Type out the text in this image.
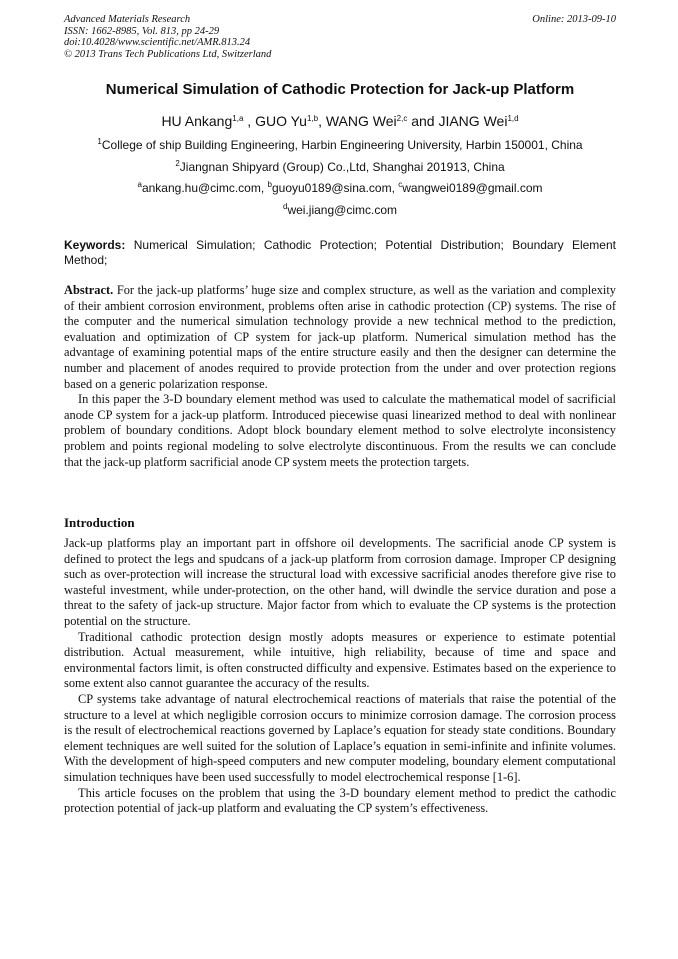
Advanced Materials Research
ISSN: 1662-8985, Vol. 813, pp 24-29
doi:10.4028/www.scientific.net/AMR.813.24
© 2013 Trans Tech Publications Ltd, Switzerland
Online: 2013-09-10
Numerical Simulation of Cathodic Protection for Jack-up Platform
HU Ankang$^{1,a}$ , GUO Yu$^{1,b}$, WANG Wei$^{2,c}$ and JIANG Wei$^{1,d}$
$^1$College of ship Building Engineering, Harbin Engineering University, Harbin 150001, China
$^2$Jiangnan Shipyard (Group) Co.,Ltd, Shanghai 201913, China
$^a$ankang.hu@cimc.com, $^b$guoyu0189@sina.com, $^c$wangwei0189@gmail.com
$^d$wei.jiang@cimc.com
Keywords: Numerical Simulation; Cathodic Protection; Potential Distribution; Boundary Element Method;

Abstract. For the jack-up platforms’ huge size and complex structure, as well as the variation and complexity of their ambient corrosion environment, problems often arise in cathodic protection (CP) systems. The rise of the computer and the numerical simulation technology provide a new technical method to the prediction, evaluation and optimization of CP system for jack-up platform. Numerical simulation method has the advantage of examining potential maps of the entire structure easily and then the designer can determine the number and placement of anodes required to provide protection from the under and over protection regions based on a generic polarization response.

In this paper the 3-D boundary element method was used to calculate the mathematical model of sacrificial anode CP system for a jack-up platform. Introduced piecewise quasi linearized method to deal with nonlinear problem of boundary conditions. Adopt block boundary element method to solve electrolyte inconsistency problem and points regional modeling to solve electrolyte discontinuous. From the results we can conclude that the jack-up platform sacrificial anode CP system meets the protection targets.

Introduction

Jack-up platforms play an important part in offshore oil developments. The sacrificial anode CP system is defined to protect the legs and spudcans of a jack-up platform from corrosion damage. Improper CP designing such as over-protection will increase the structural load with excessive sacrificial anodes therefore give rise to wasteful investment, while under-protection, on the other hand, will dwindle the service duration and pose a threat to the safety of jack-up structure. Major factor from which to evaluate the CP systems is the protection potential on the structure.

Traditional cathodic protection design mostly adopts measures or experience to estimate potential distribution. Actual measurement, while intuitive, high reliability, because of time and space and environmental factors limit, is often constructed difficulty and expensive. Estimates based on the experience to some extent also cannot guarantee the accuracy of the results.

CP systems take advantage of natural electrochemical reactions of materials that raise the potential of the structure to a level at which negligible corrosion occurs to minimize corrosion damage. The corrosion process is the result of electrochemical reactions governed by Laplace’s equation for steady state conditions. Boundary element techniques are well suited for the solution of Laplace’s equation in semi-infinite and infinite volumes. With the development of high-speed computers and new computer modeling, boundary element computational simulation techniques have been used successfully to model electrochemical response [1-6].

This article focuses on the problem that using the 3-D boundary element method to predict the cathodic protection potential of jack-up platform and evaluating the CP system’s effectiveness.
